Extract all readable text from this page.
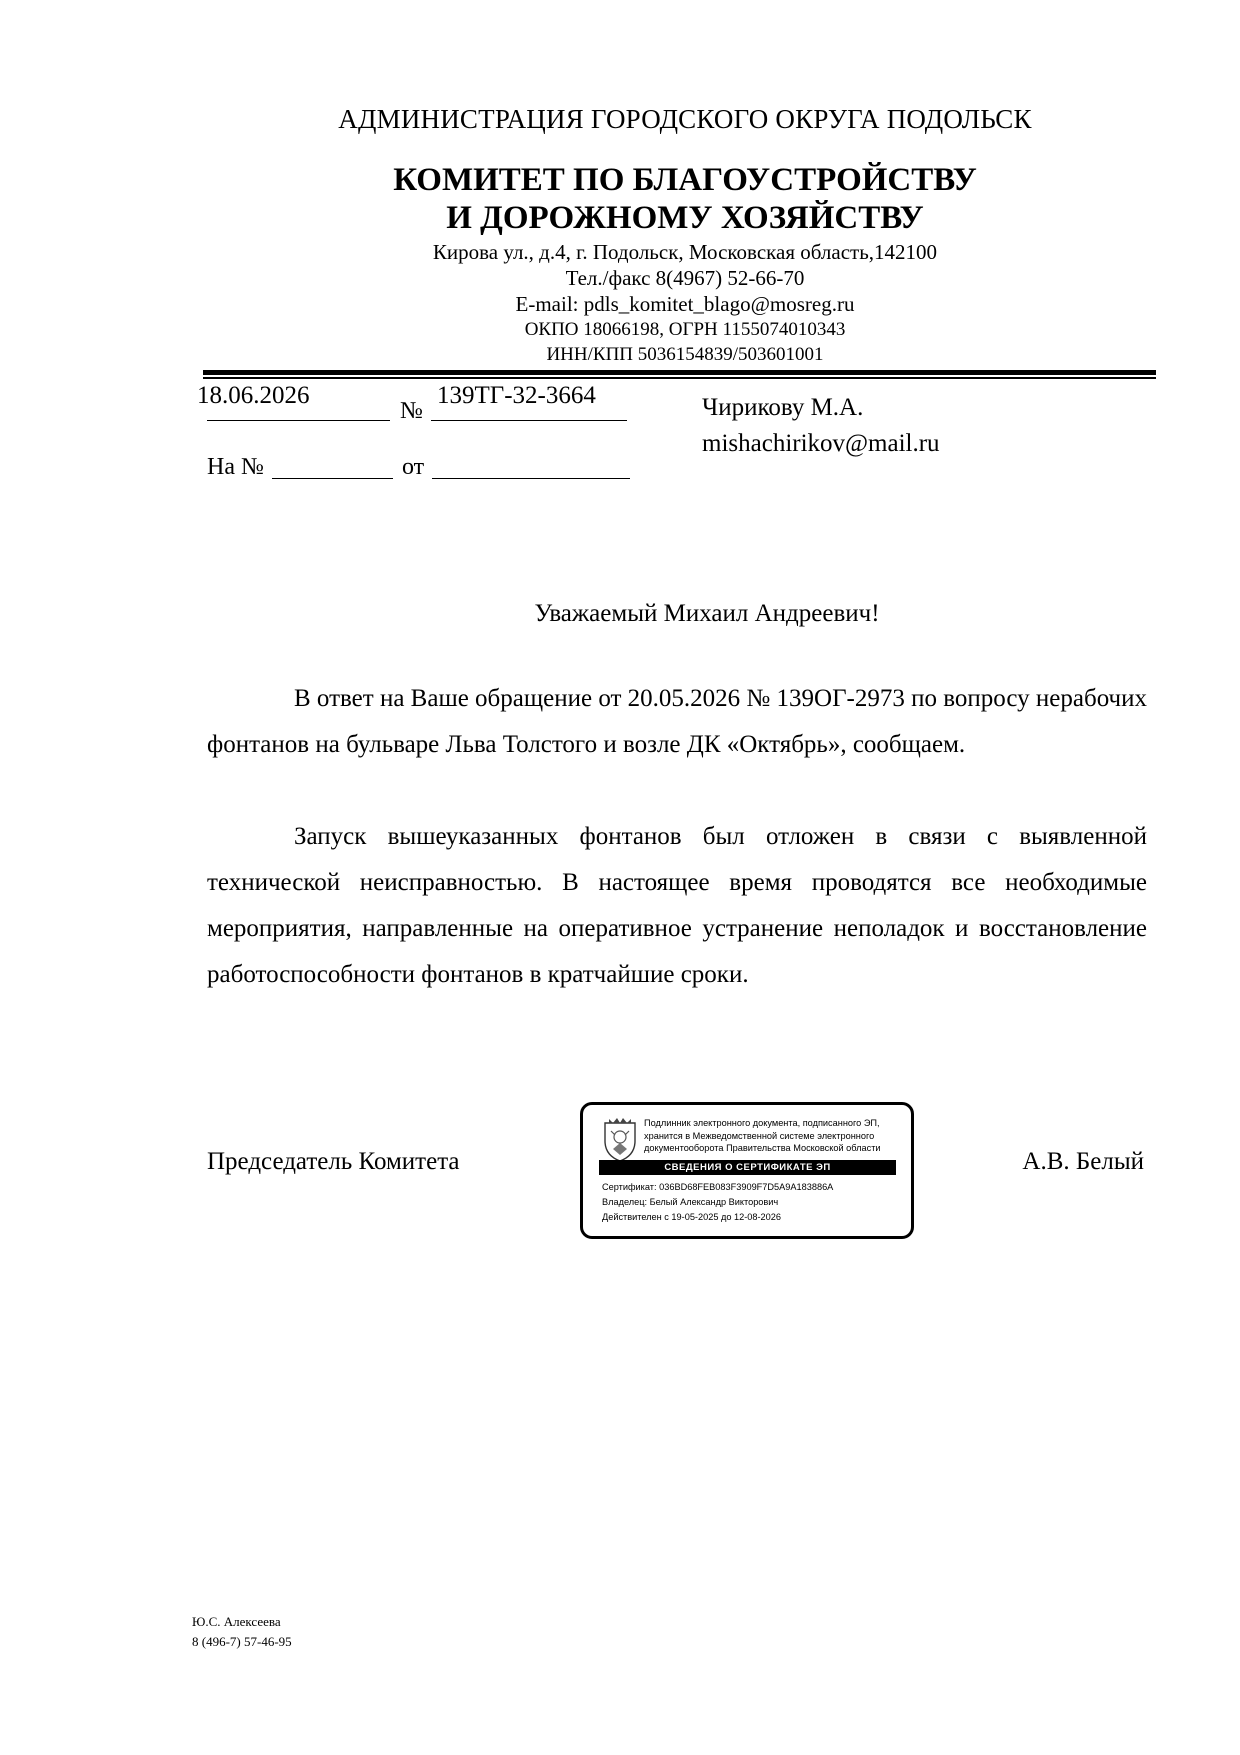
АДМИНИСТРАЦИЯ ГОРОДСКОГО ОКРУГА ПОДОЛЬСК
КОМИТЕТ ПО БЛАГОУСТРОЙСТВУ
И ДОРОЖНОМУ ХОЗЯЙСТВУ
Кирова ул., д.4, г. Подольск, Московская область,142100
Тел./факс 8(4967) 52-66-70
E-mail: pdls_komitet_blago@mosreg.ru
ОКПО 18066198, ОГРН 1155074010343
ИНН/КПП 5036154839/503601001
18.06.2026
№
139ТГ-32-3664
На №	от
Чирикову М.А.
mishachirikov@mail.ru
Уважаемый Михаил Андреевич!

В ответ на Ваше обращение от 20.05.2026 № 139ОГ-2973 по вопросу нерабочих фонтанов на бульваре Льва Толстого и возле ДК «Октябрь», сообщаем.

Запуск вышеуказанных фонтанов был отложен в связи с выявленной технической неисправностью. В настоящее время проводятся все необходимые мероприятия, направленные на оперативное устранение неполадок и восстановление работоспособности фонтанов в кратчайшие сроки.

Председатель Комитета	А.В. Белый
Подлинник электронного документа, подписанного ЭП, хранится в Межведомственной системе электронного документооборота Правительства Московской области
СВЕДЕНИЯ О СЕРТИФИКАТЕ ЭП
Сертификат: 036BD68FEB083F3909F7D5A9A183886A
Владелец: Белый Александр Викторович
Действителен с 19-05-2025 до 12-08-2026
Ю.С. Алексеева
8 (496-7) 57-46-95
